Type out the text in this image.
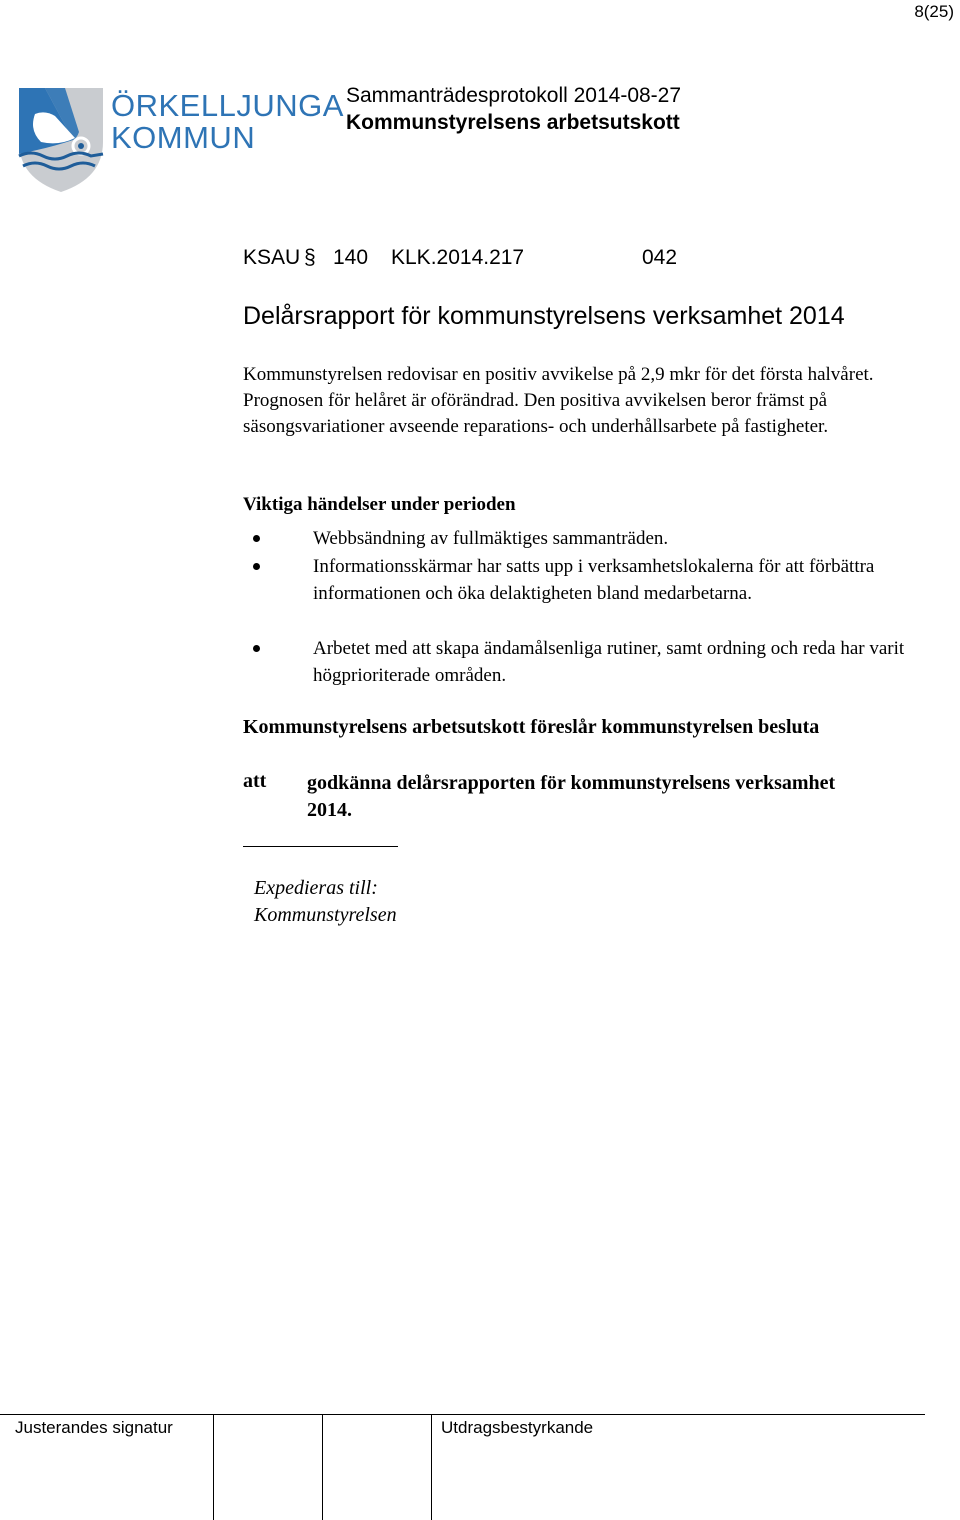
8(25)
ÖRKELLJUNGA
KOMMUN
Sammanträdesprotokoll 2014-08-27
Kommunstyrelsens arbetsutskott
KSAU § 140 KLK.2014.217	042
Delårsrapport för kommunstyrelsens verksamhet 2014
Kommunstyrelsen redovisar en positiv avvikelse på 2,9 mkr för det första halvåret. Prognosen för helåret är oförändrad. Den positiva avvikelsen beror främst på säsongsvariationer avseende reparations- och underhållsarbete på fastigheter.
Viktiga händelser under perioden
Webbsändning av fullmäktiges sammanträden.
Informationsskärmar har satts upp i verksamhetslokalerna för att förbättra informationen och öka delaktigheten bland medarbetarna.
Arbetet med att skapa ändamålsenliga rutiner, samt ordning och reda har varit högprioriterade områden.
Kommunstyrelsens arbetsutskott föreslår kommunstyrelsen besluta
att godkänna delårsrapporten för kommunstyrelsens verksamhet 2014.
Expedieras till:
Kommunstyrelsen
Justerandes signatur	Utdragsbestyrkande
